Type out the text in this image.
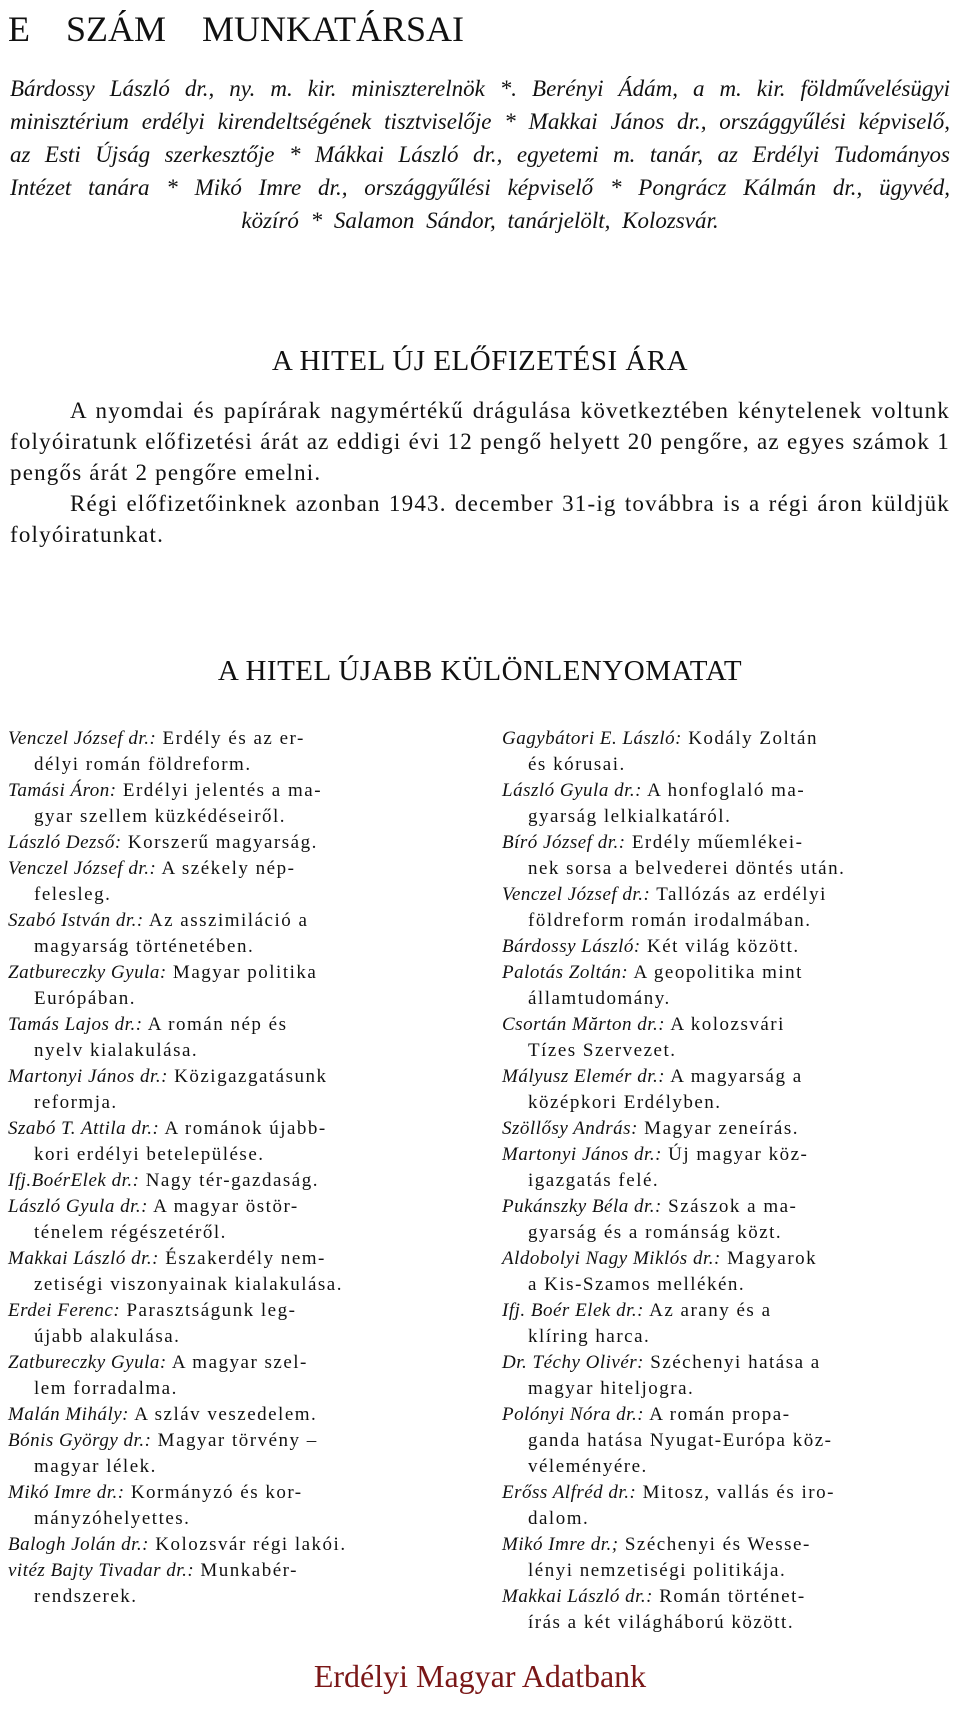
E    SZÁM    MUNKATÁRSAI

Bárdossy László dr., ny. m. kir. miniszterelnök *. Berényi Ádám, a m. kir. földművelésügyi minisztérium erdélyi kirendeltségének tisztviselője * Makkai János dr., országgyűlési képviselő, az Esti Újság szerkesztője * Mákkai László dr., egyetemi m. tanár, az Erdélyi Tudományos Intézet tanára * Mikó Imre dr., országgyűlési képviselő * Pongrácz Kálmán dr., ügyvéd, közíró * Salamon Sándor, tanárjelölt, Kolozsvár.

A HITEL ÚJ ELŐFIZETÉSI ÁRA

A nyomdai és papírárak nagymértékű drágulása következtében kénytelenek voltunk folyóiratunk előfizetési árát az eddigi évi 12 pengő helyett 20 pengőre, az egyes számok 1 pengős árát 2 pengőre emelni.

Régi előfizetőinknek azonban 1943. december 31-ig továbbra is a régi áron küldjük folyóiratunkat.

A HITEL ÚJABB KÜLÖNLENYOMATAT

Venczel József dr.: Erdély és az er-
délyi román földreform.

Tamási Áron: Erdélyi jelentés a ma-
gyar szellem küzkédéseiről.

László Dezső: Korszerű magyarság.

Venczel József dr.: A székely nép-
felesleg.

Szabó István dr.: Az asszimiláció a
magyarság történetében.

Zatbureczky Gyula: Magyar politika
Európában.

Tamás Lajos dr.: A román nép és
nyelv kialakulása.

Martonyi János dr.: Közigazgatásunk
reformja.

Szabó T. Attila dr.: A románok újabb-
kori erdélyi betelepülése.

Ifj.BoérElek dr.: Nagy tér-gazdaság.

László Gyula dr.: A magyar östör-
ténelem régészetéről.

Makkai László dr.: Északerdély nem-
zetiségi viszonyainak kialakulása.

Erdei Ferenc: Parasztságunk leg-
újabb alakulása.

Zatbureczky Gyula: A magyar szel-
lem forradalma.

Malán Mihály: A szláv veszedelem.

Bónis György dr.: Magyar törvény –
magyar lélek.

Mikó Imre dr.: Kormányzó és kor-
mányzóhelyettes.

Balogh Jolán dr.: Kolozsvár régi lakói.

vitéz Bajty Tivadar dr.: Munkabér-
rendszerek.

Gagybátori E. László: Kodály Zoltán
és kórusai.

László Gyula dr.: A honfoglaló ma-
gyarság lelkialkatáról.

Bíró József dr.: Erdély műemlékei-
nek sorsa a belvederei döntés után.

Venczel József dr.: Tallózás az erdélyi
földreform román irodalmában.

Bárdossy László: Két világ között.

Palotás Zoltán: A geopolitika mint
államtudomány.

Csortán Mărton dr.: A kolozsvári
Tízes Szervezet.

Mályusz Elemér dr.: A magyarság a
középkori Erdélyben.

Szöllősy András: Magyar zeneírás.

Martonyi János dr.: Új magyar köz-
igazgatás felé.

Pukánszky Béla dr.: Szászok a ma-
gyarság és a románság közt.

Aldobolyi Nagy Miklós dr.: Magyarok
a Kis-Szamos mellékén.

Ifj. Boér Elek dr.: Az arany és a
klíring harca.

Dr. Téchy Olivér: Széchenyi hatása a
magyar hiteljogra.

Polónyi Nóra dr.: A román propa-
ganda hatása Nyugat-Európa köz-

véleményére.

Erőss Alfréd dr.: Mitosz, vallás és iro-
dalom.

Mikó Imre dr.; Széchenyi és Wesse-
lényi nemzetiségi politikája.

Makkai László dr.: Román történet-
írás a két világháború között.

Erdélyi Magyar Adatbank
